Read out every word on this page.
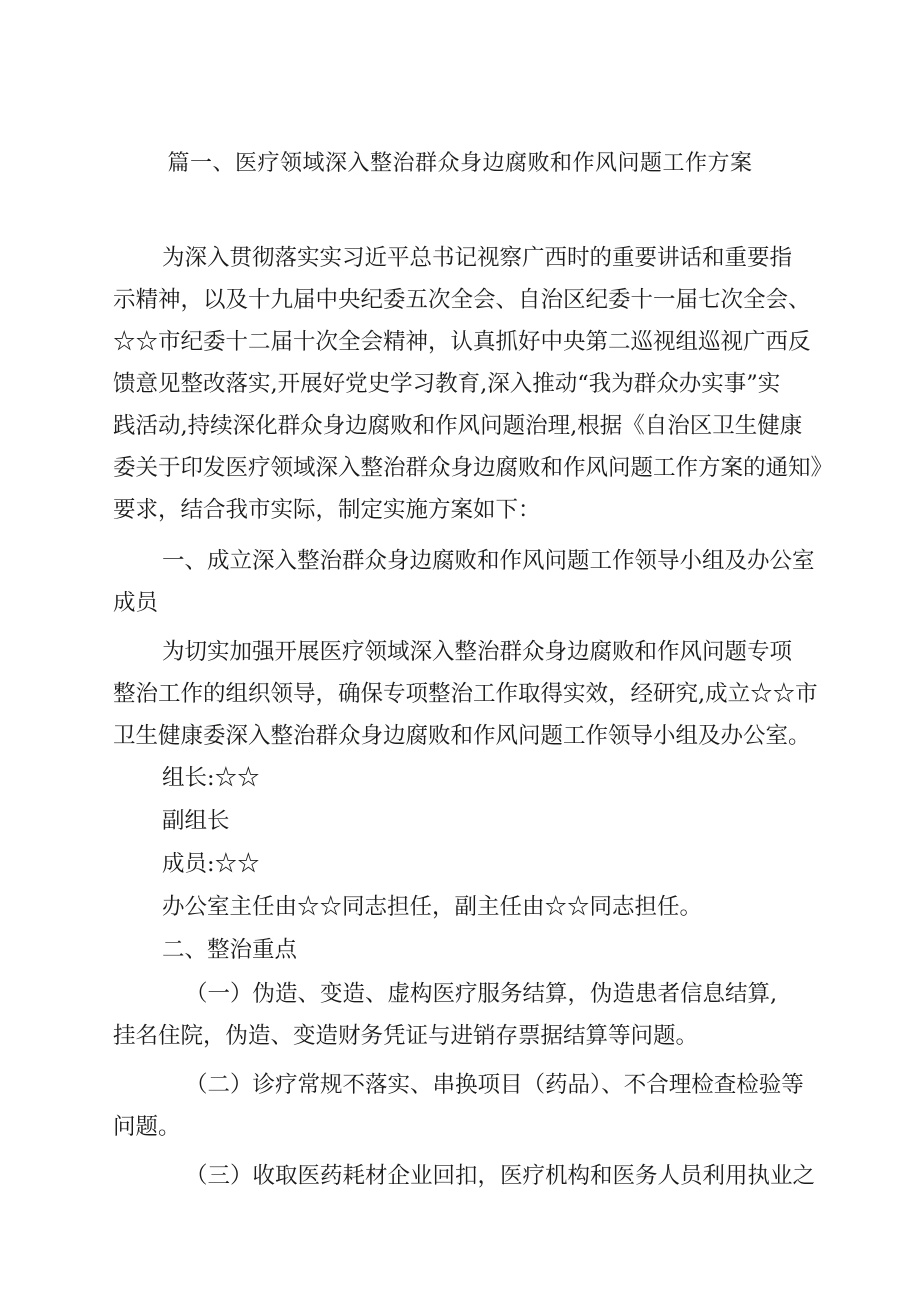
篇一、医疗领域深入整治群众身边腐败和作风问题工作方案
为深入贯彻落实实习近平总书记视察广西时的重要讲话和重要指
示精神，以及十九届中央纪委五次全会、自治区纪委十一届七次全会、
☆☆市纪委十二届十次全会精神，认真抓好中央第二巡视组巡视广西反
馈意见整改落实,开展好党史学习教育,深入推动“我为群众办实事”实
践活动,持续深化群众身边腐败和作风问题治理,根据《自治区卫生健康
委关于印发医疗领域深入整治群众身边腐败和作风问题工作方案的通知》
要求，结合我市实际，制定实施方案如下：
一、成立深入整治群众身边腐败和作风问题工作领导小组及办公室
成员
为切实加强开展医疗领域深入整治群众身边腐败和作风问题专项
整治工作的组织领导，确保专项整治工作取得实效，经研究,成立☆☆市
卫生健康委深入整治群众身边腐败和作风问题工作领导小组及办公室。
组长:☆☆
副组长
成员:☆☆
办公室主任由☆☆同志担任，副主任由☆☆同志担任。
二、整治重点
（一）伪造、变造、虚构医疗服务结算，伪造患者信息结算,
挂名住院，伪造、变造财务凭证与进销存票据结算等问题。
（二）诊疗常规不落实、串换项目（药品）、不合理检查检验等
问题。
（三）收取医药耗材企业回扣，医疗机构和医务人员利用执业之
